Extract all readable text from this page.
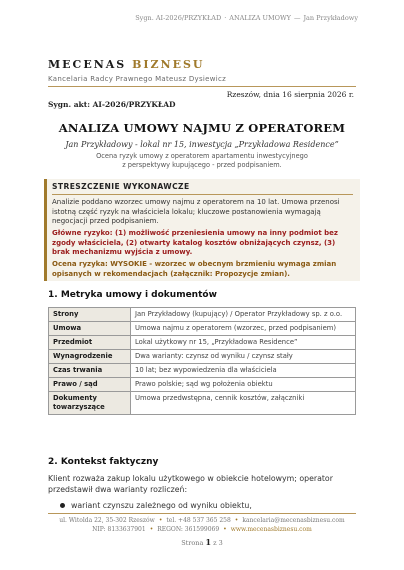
Sygn. AI-2026/PRZYKŁAD · ANALIZA UMOWY — Jan Przykładowy
MECENAS BIZNESU
Kancelaria Radcy Prawnego Mateusz Dysiewicz
Rzeszów, dnia 16 sierpnia 2026 r.
Sygn. akt: AI-2026/PRZYKŁAD
ANALIZA UMOWY NAJMU Z OPERATOREM
Jan Przykładowy - lokal nr 15, inwestycja „Przykładowa Residence”
Ocena ryzyk umowy z operatorem apartamentu inwestycyjnego z perspektywy kupującego - przed podpisaniem.
STRESZCZENIE WYKONAWCZE

Analizie poddano wzorzec umowy najmu z operatorem na 10 lat. Umowa przenosi istotną część ryzyk na właściciela lokalu; kluczowe postanowienia wymagają negocjacji przed podpisaniem.

Główne ryzyko: (1) możliwość przeniesienia umowy na inny podmiot bez zgody właściciela, (2) otwarty katalog kosztów obniżających czynsz, (3) brak mechanizmu wyjścia z umowy.

Ocena ryzyka: WYSOKIE - wzorzec w obecnym brzmieniu wymaga zmian opisanych w rekomendacjach (załącznik: Propozycje zmian).

1. Metryka umowy i dokumentów
Strony	Jan Przykładowy (kupujący) / Operator Przykładowy sp. z o.o.
Umowa	Umowa najmu z operatorem (wzorzec, przed podpisaniem)
Przedmiot	Lokal użytkowy nr 15, „Przykładowa Residence”
Wynagrodzenie	Dwa warianty: czynsz od wyniku / czynsz stały
Czas trwania	10 lat; bez wypowiedzenia dla właściciela
Prawo / sąd	Prawo polskie; sąd wg położenia obiektu
Dokumenty towarzyszące	Umowa przedwstępna, cennik kosztów, załączniki
2. Kontekst faktyczny
Klient rozważa zakup lokalu użytkowego w obiekcie hotelowym; operator przedstawił dwa warianty rozliczeń:
wariant czynszu zależnego od wyniku obiektu,
ul. Witolda 22, 35-302 Rzeszów • tel. +48 537 365 258 • kancelaria@mecenasbiznesu.com
NIP: 8133637901 • REGON: 361599069 • www.mecenasbiznesu.com
Strona 1 z 3
